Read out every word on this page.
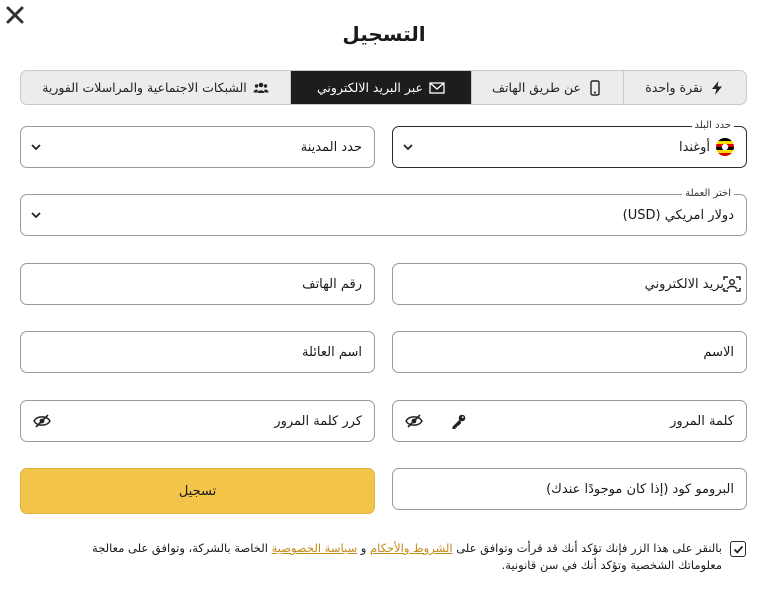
التسجيل
نقرة واحدة
عن طريق الهاتف
عبر البريد الالكتروني
الشبكات الاجتماعية والمراسلات الفورية
حدد البلد
أوغندا
حدد المدينة
اختر العملة
دولار امريكي (USD)
بريد الالكتروني
رقم الهاتف
الاسم
اسم العائلة
كلمة المرور
كرر كلمة المرور
البرومو كود (إذا كان موجودًا عندك)
تسجيل
بالنقر على هذا الزر فإنك تؤكد أنك قد قرأت وتوافق على الشروط والأحكام و سياسة الخصوصية الخاصة بالشركة، وتوافق على معالجة معلوماتك الشخصية وتؤكد أنك في سن قانونية.
